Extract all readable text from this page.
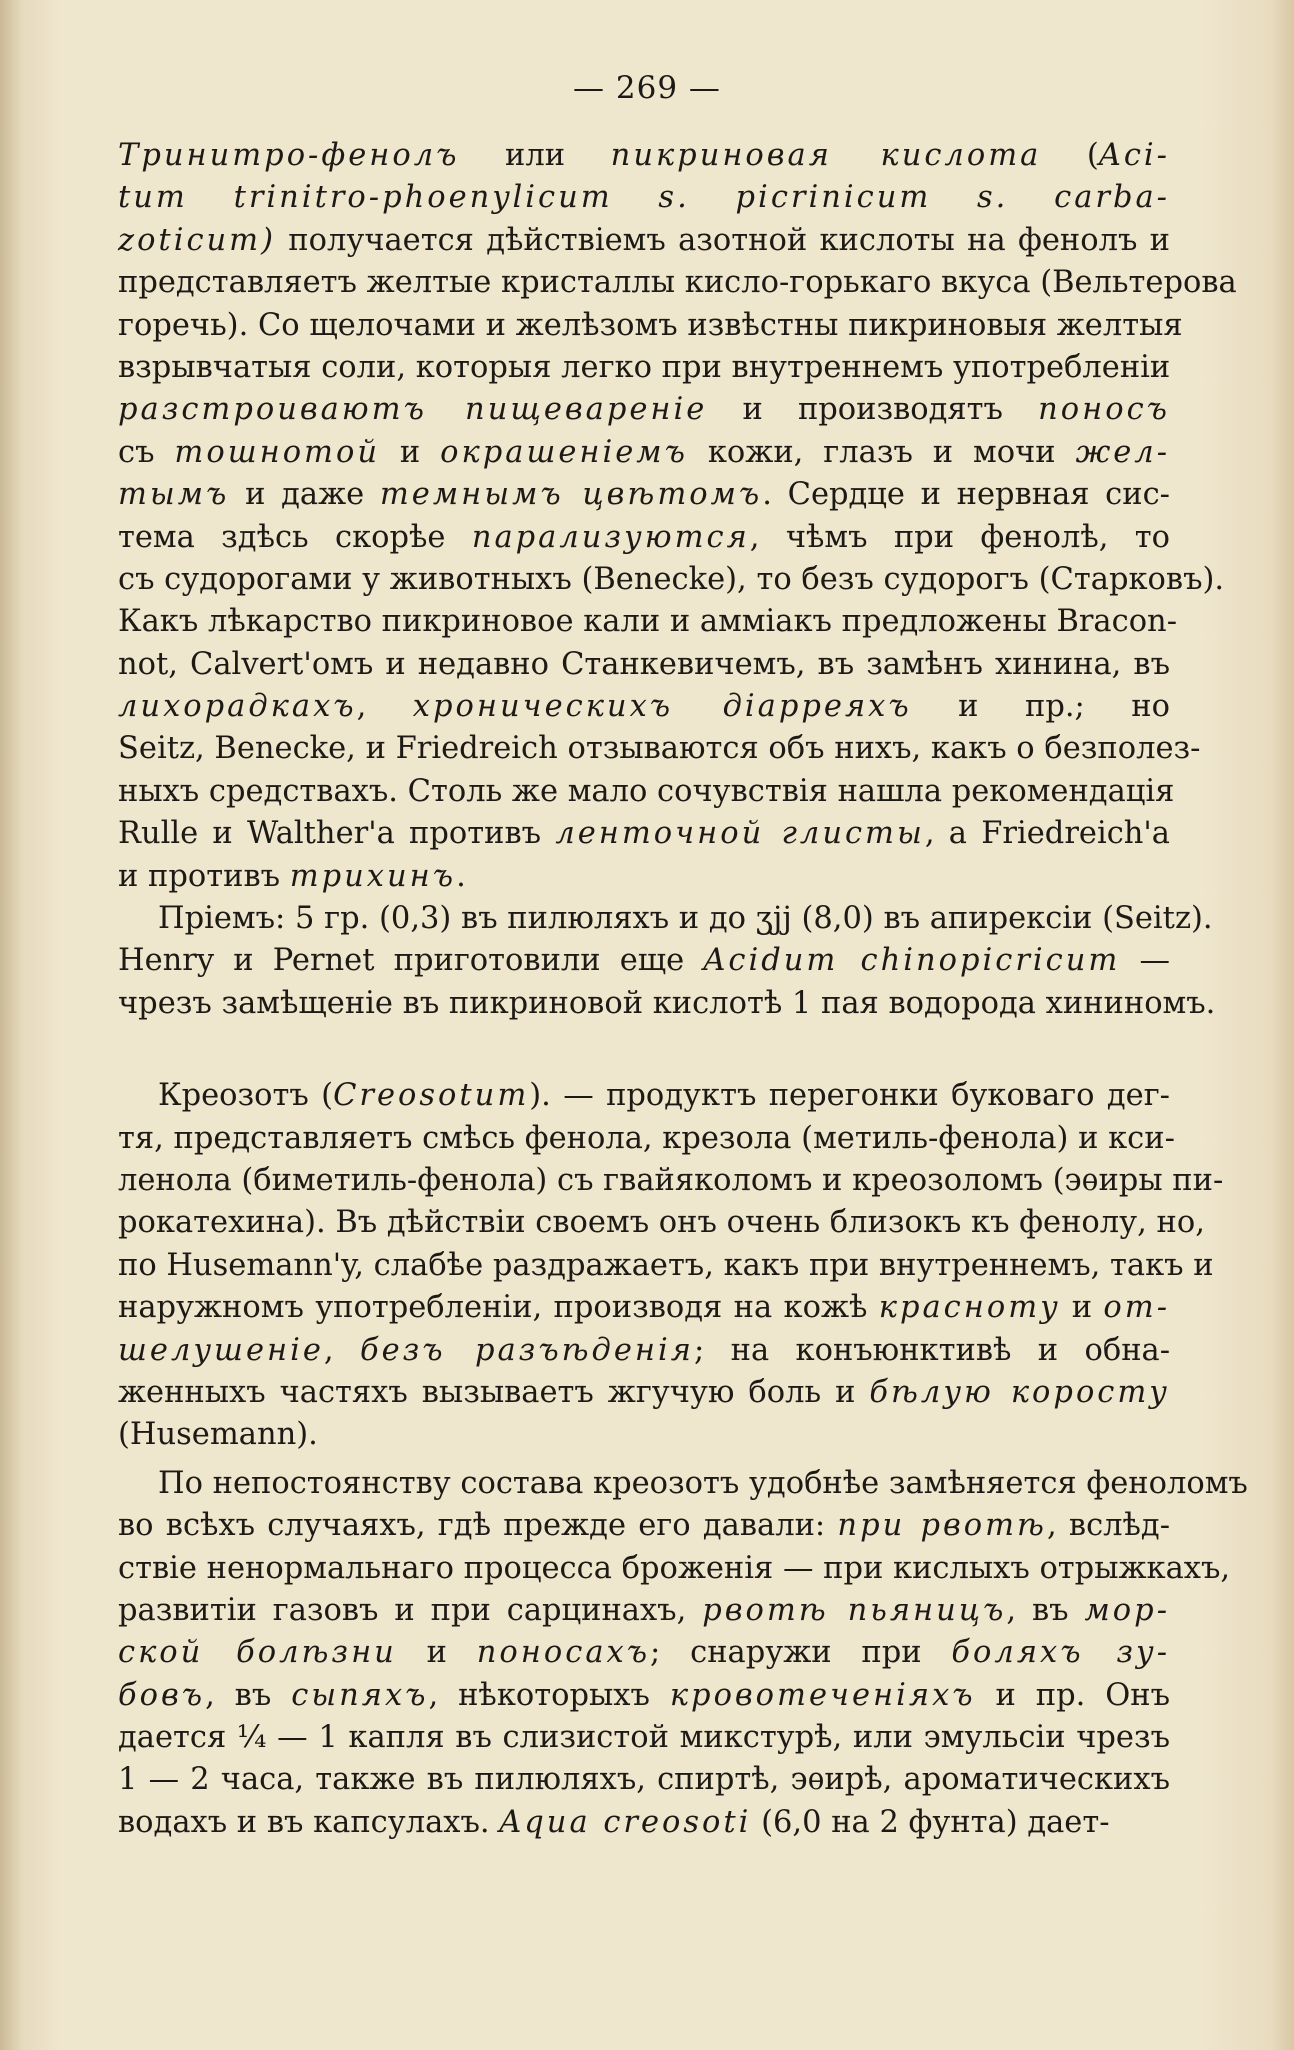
— 269 —
Тринитро-фенолъ или пикриновая кислота (Aci-
tum trinitro-phoenylicum s. picrinicum s. carba-
zoticum) получается дѣйствіемъ азотной кислоты на фенолъ и
представляетъ желтые кристаллы кисло-горькаго вкуса (Вельтерова
горечь). Со щелочами и желѣзомъ извѣстны пикриновыя желтыя
взрывчатыя соли, которыя легко при внутреннемъ употребленіи
разстроиваютъ пищевареніе и производятъ поносъ
съ тошнотой и окрашеніемъ кожи, глазъ и мочи жел-
тымъ и даже темнымъ цвѣтомъ. Сердце и нервная сис-
тема здѣсь скорѣе парализуются, чѣмъ при фенолѣ, то
съ судорогами у животныхъ (Benecke), то безъ судорогъ (Старковъ).
Какъ лѣкарство пикриновое кали и амміакъ предложены Bracon-
not, Calvert'омъ и недавно Станкевичемъ, въ замѣнъ хинина, въ
лихорадкахъ, хроническихъ діарреяхъ и пр.; но
Seitz, Benecke, и Friedreich отзываются объ нихъ, какъ о безполез-
ныхъ средствахъ. Столь же мало сочувствія нашла рекомендація
Rulle и Walther'a противъ ленточной глисты, а Friedreich'a
и противъ трихинъ.
Пріемъ: 5 гр. (0,3) въ пилюляхъ и до ʒjj (8,0) въ апирексіи (Seitz).
Henry и Pernet приготовили еще Acidum chinopicricum —
чрезъ замѣщеніе въ пикриновой кислотѣ 1 пая водорода хининомъ.
Креозотъ (Creosotum). — продуктъ перегонки буковаго дег-
тя, представляетъ смѣсь фенола, крезола (метиль-фенола) и кси-
ленола (биметиль-фенола) съ гвайяколомъ и креозоломъ (эѳиры пи-
рокатехина). Въ дѣйствіи своемъ онъ очень близокъ къ фенолу, но,
по Husemann'y, слабѣе раздражаетъ, какъ при внутреннемъ, такъ и
наружномъ употребленіи, производя на кожѣ краснотy и от-
шелушеніе, безъ разъѣденія; на конъюнктивѣ и обна-
женныхъ частяхъ вызываетъ жгучую боль и бѣлую коросту
(Husemann).
По непостоянству состава креозотъ удобнѣе замѣняется феноломъ
во всѣхъ случаяхъ, гдѣ прежде его давали: при рвотѣ, вслѣд-
ствіе ненормальнаго процесса броженія — при кислыхъ отрыжкахъ,
развитіи газовъ и при сарцинахъ, рвотѣ пьяницъ, въ мор-
ской болѣзни и поносахъ; снаружи при боляхъ зу-
бовъ, въ сыпяхъ, нѣкоторыхъ кровотеченіяхъ и пр. Онъ
дается ¼ — 1 капля въ слизистой микстурѣ, или эмульсіи чрезъ
1 — 2 часа, также въ пилюляхъ, спиртѣ, эѳирѣ, ароматическихъ
водахъ и въ капсулахъ. Aqua creosoti (6,0 на 2 фунта) дает-
